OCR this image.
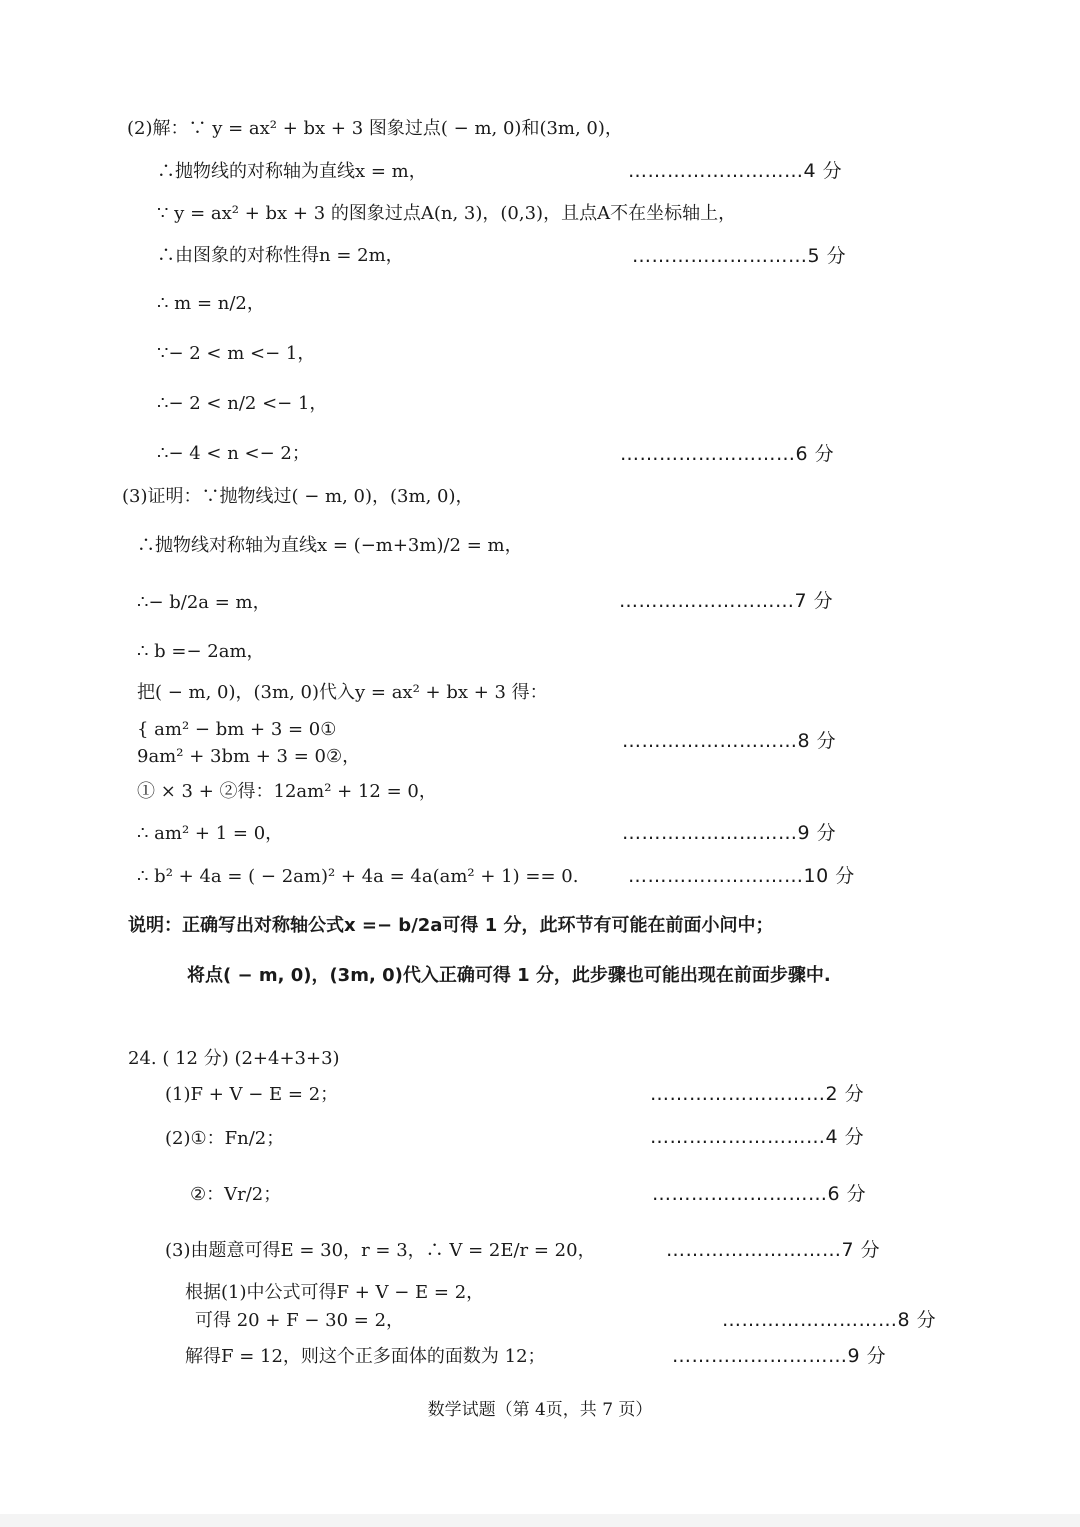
(2)解：∵ y = ax² + bx + 3 图象过点( − m, 0)和(3m, 0)，
∴抛物线的对称轴为直线x = m，	………………………4 分
∵ y = ax² + bx + 3 的图象过点A(n, 3)，(0,3)，且点A不在坐标轴上，
∴由图象的对称性得n = 2m，	………………………5 分
∴ m = n/2，
∵− 2 < m <− 1，
∴− 2 < n/2 <− 1，
∴− 4 < n <− 2；	………………………6 分
(3)证明：∵抛物线过( − m, 0)，(3m, 0)，
∴抛物线对称轴为直线x = (−m+3m)/2 = m，
∴− b/2a = m，	………………………7 分
∴ b =− 2am，
把( − m, 0)，(3m, 0)代入y = ax² + bx + 3 得：
{ am² − bm + 3 = 0①
9am² + 3bm + 3 = 0②，
………………………8 分
① × 3 + ②得：12am² + 12 = 0，
∴ am² + 1 = 0，	………………………9 分
∴ b² + 4a = ( − 2am)² + 4a = 4a(am² + 1) == 0.	………………………10 分
说明：正确写出对称轴公式x =− b/2a可得 1 分，此环节有可能在前面小问中；
将点( − m, 0)，(3m, 0)代入正确可得 1 分，此步骤也可能出现在前面步骤中.
24. ( 12 分) (2+4+3+3)
(1)F + V − E = 2；	………………………2 分
(2)①：Fn/2；	………………………4 分
②：Vr/2；	………………………6 分
(3)由题意可得E = 30，r = 3，∴ V = 2E/r = 20，	………………………7 分
根据(1)中公式可得F + V − E = 2，
可得 20 + F − 30 = 2，	………………………8 分
解得F = 12，则这个正多面体的面数为 12；	………………………9 分
数学试题（第 4页，共 7 页）
